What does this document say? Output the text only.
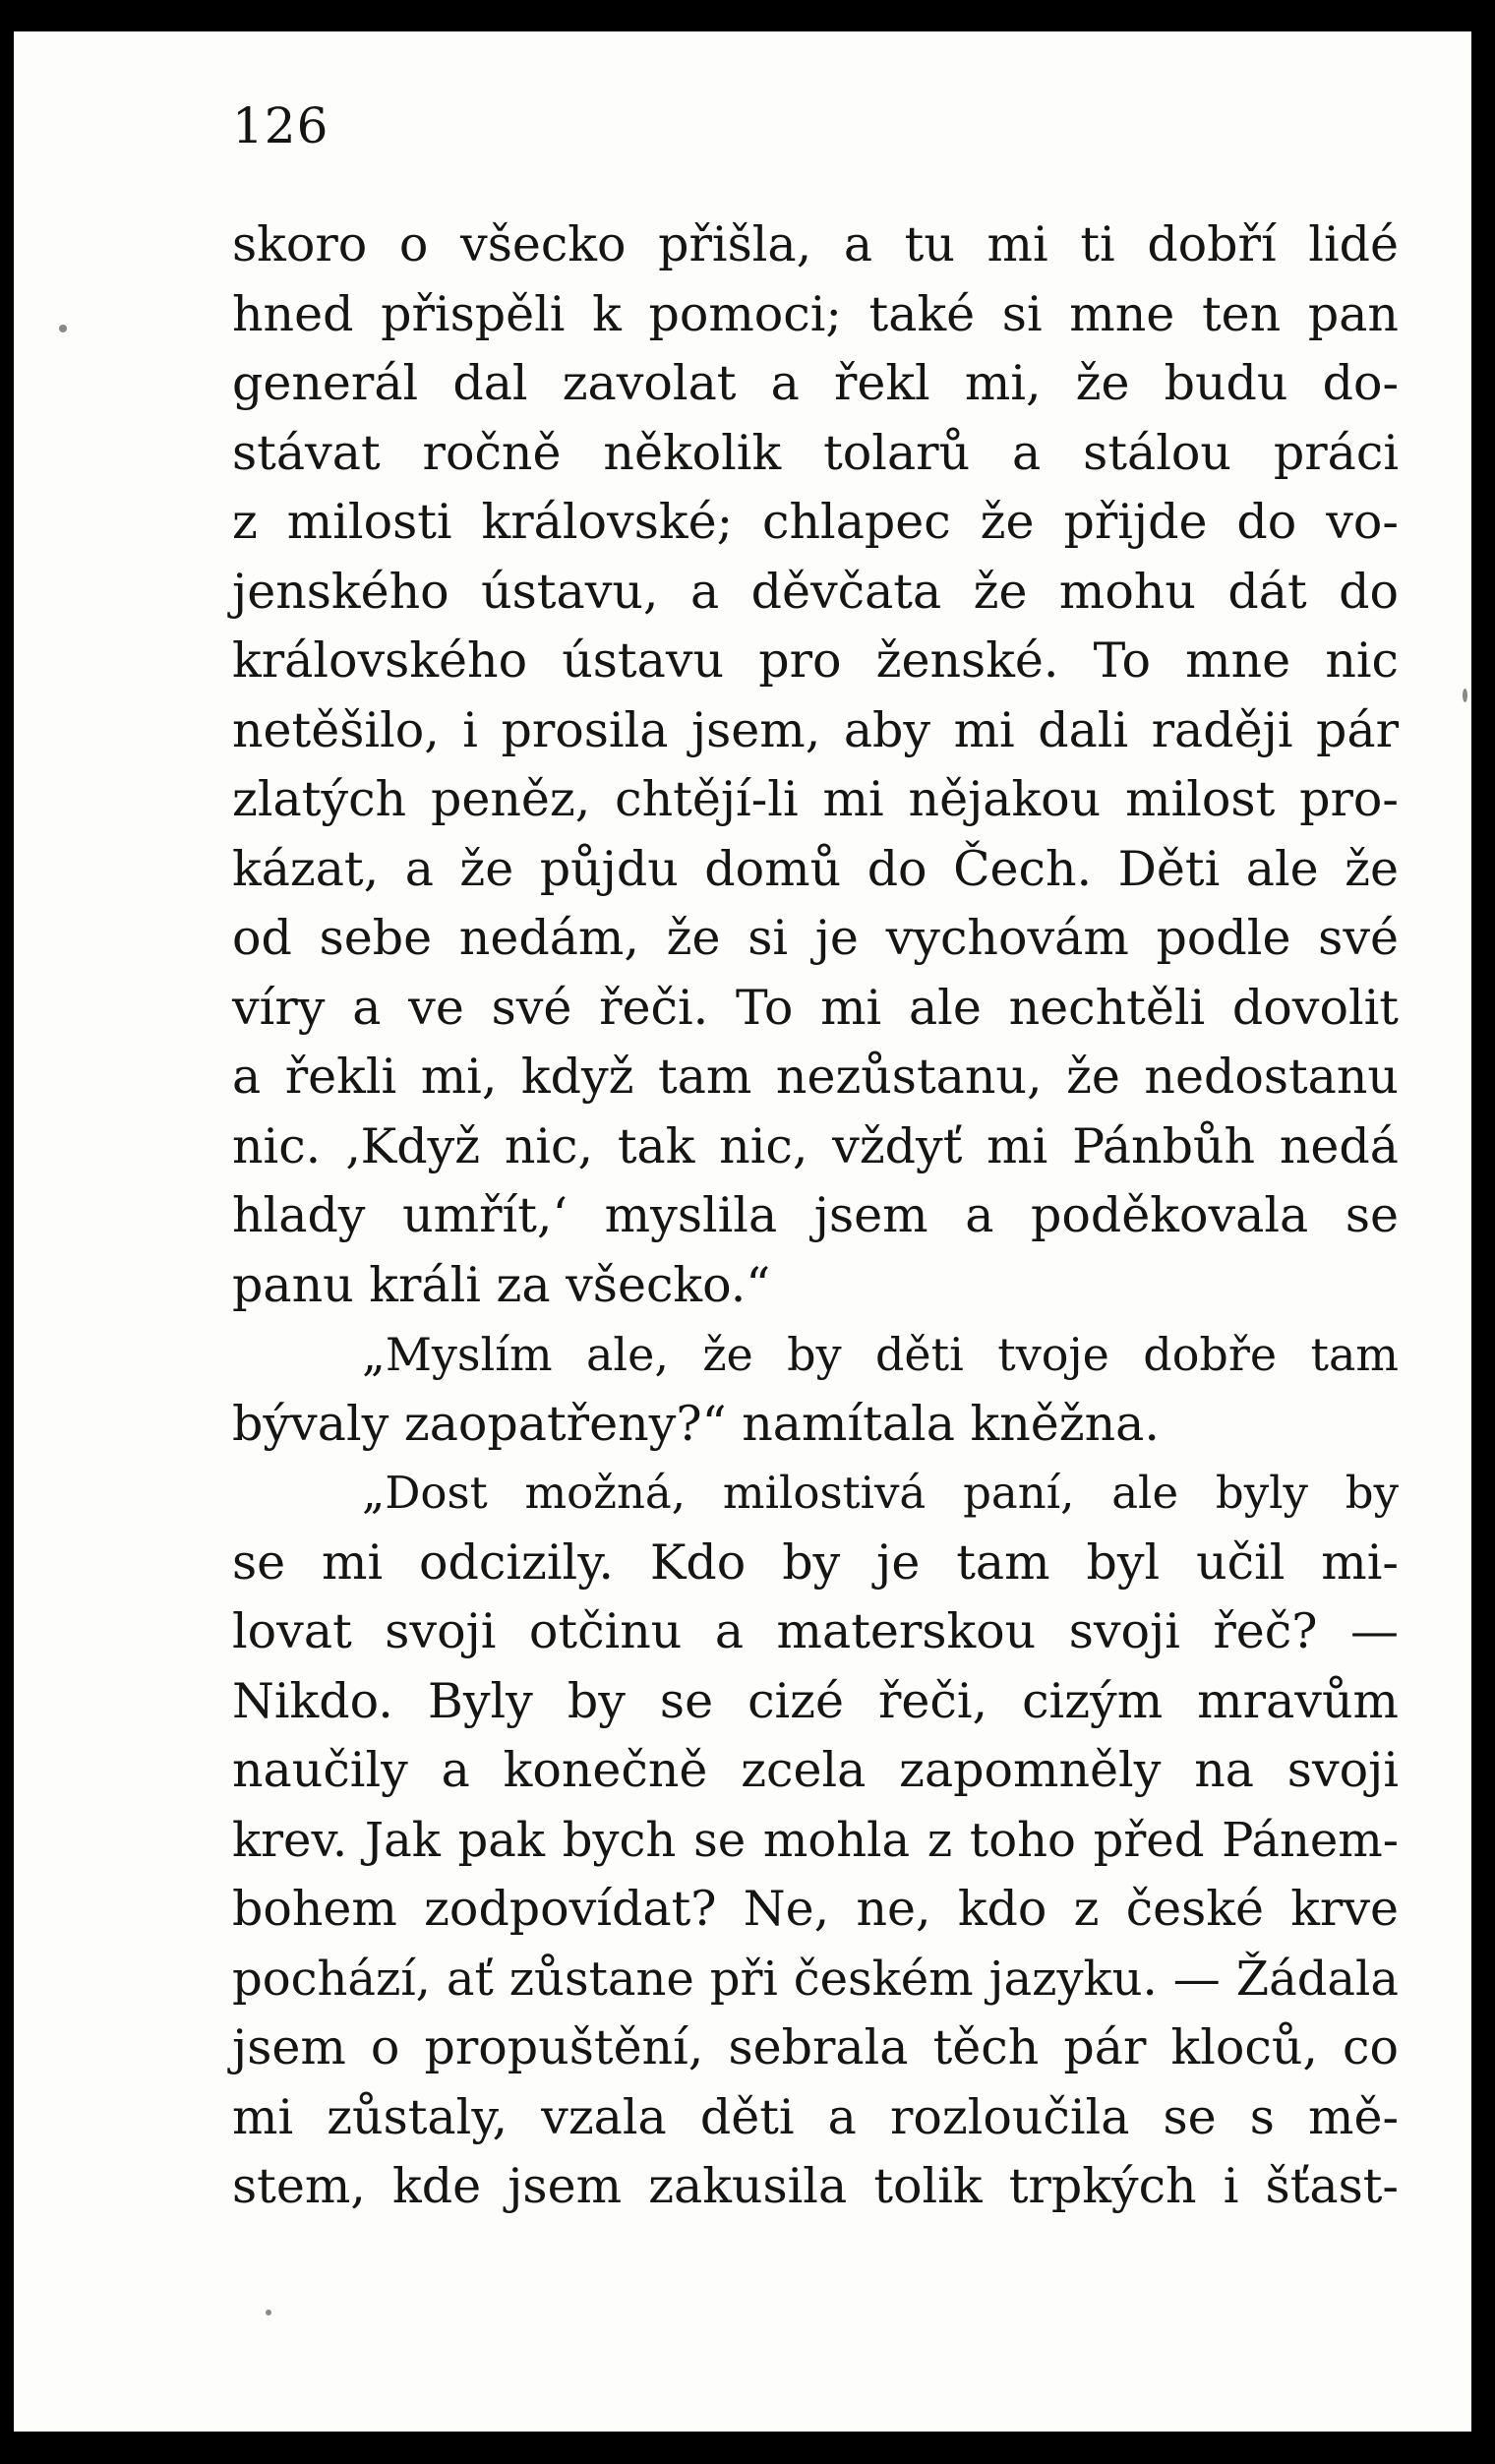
126
skoro o všecko přišla, a tu mi ti dobří lidé
hned přispěli k pomoci; také si mne ten pan
generál dal zavolat a řekl mi, že budu do-
stávat ročně několik tolarů a stálou práci
z milosti královské; chlapec že přijde do vo-
jenského ústavu, a děvčata že mohu dát do
královského ústavu pro ženské. To mne nic
netěšilo, i prosila jsem, aby mi dali raději pár
zlatých peněz, chtějí-li mi nějakou milost pro-
kázat, a že půjdu domů do Čech. Děti ale že
od sebe nedám, že si je vychovám podle své
víry a ve své řeči. To mi ale nechtěli dovolit
a řekli mi, když tam nezůstanu, že nedostanu
nic. ‚Když nic, tak nic, vždyť mi Pánbůh nedá
hlady umřít,‘ myslila jsem a poděkovala se
panu králi za všecko.“
„Myslím ale, že by děti tvoje dobře tam
bývaly zaopatřeny?“ namítala kněžna.
„Dost možná, milostivá paní, ale byly by
se mi odcizily. Kdo by je tam byl učil mi-
lovat svoji otčinu a materskou svoji řeč? —
Nikdo. Byly by se cizé řeči, cizým mravům
naučily a konečně zcela zapomněly na svoji
krev. Jak pak bych se mohla z toho před Pánem-
bohem zodpovídat? Ne, ne, kdo z české krve
pochází, ať zůstane při českém jazyku. — Žádala
jsem o propuštění, sebrala těch pár kloců, co
mi zůstaly, vzala děti a rozloučila se s mě-
stem, kde jsem zakusila tolik trpkých i šťast-
